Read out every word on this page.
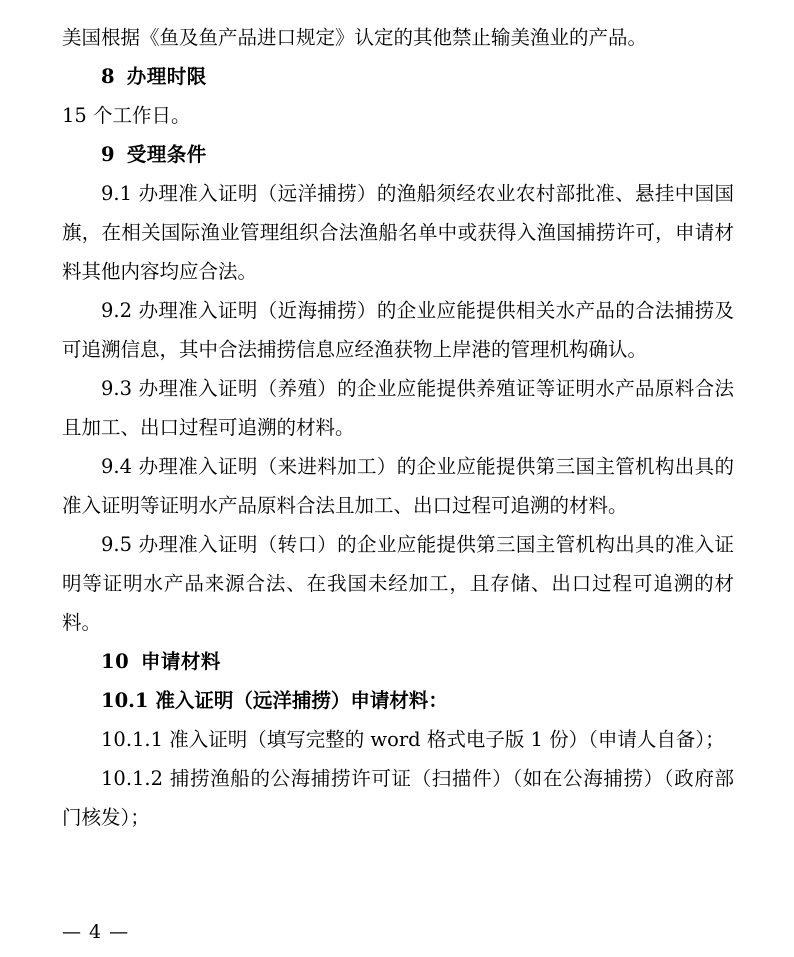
美国根据《鱼及鱼产品进口规定》认定的其他禁止输美渔业的产品。

8 办理时限

15 个工作日。

9 受理条件

9.1 办理准入证明（远洋捕捞）的渔船须经农业农村部批准、悬挂中国国旗，在相关国际渔业管理组织合法渔船名单中或获得入渔国捕捞许可，申请材料其他内容均应合法。

9.2 办理准入证明（近海捕捞）的企业应能提供相关水产品的合法捕捞及可追溯信息，其中合法捕捞信息应经渔获物上岸港的管理机构确认。

9.3 办理准入证明（养殖）的企业应能提供养殖证等证明水产品原料合法且加工、出口过程可追溯的材料。

9.4 办理准入证明（来进料加工）的企业应能提供第三国主管机构出具的准入证明等证明水产品原料合法且加工、出口过程可追溯的材料。

9.5 办理准入证明（转口）的企业应能提供第三国主管机构出具的准入证明等证明水产品来源合法、在我国未经加工，且存储、出口过程可追溯的材料。

10 申请材料

10.1 准入证明（远洋捕捞）申请材料：

10.1.1 准入证明（填写完整的 word 格式电子版 1 份）（申请人自备）；

10.1.2 捕捞渔船的公海捕捞许可证（扫描件）（如在公海捕捞）（政府部门核发）；

— 4 —
